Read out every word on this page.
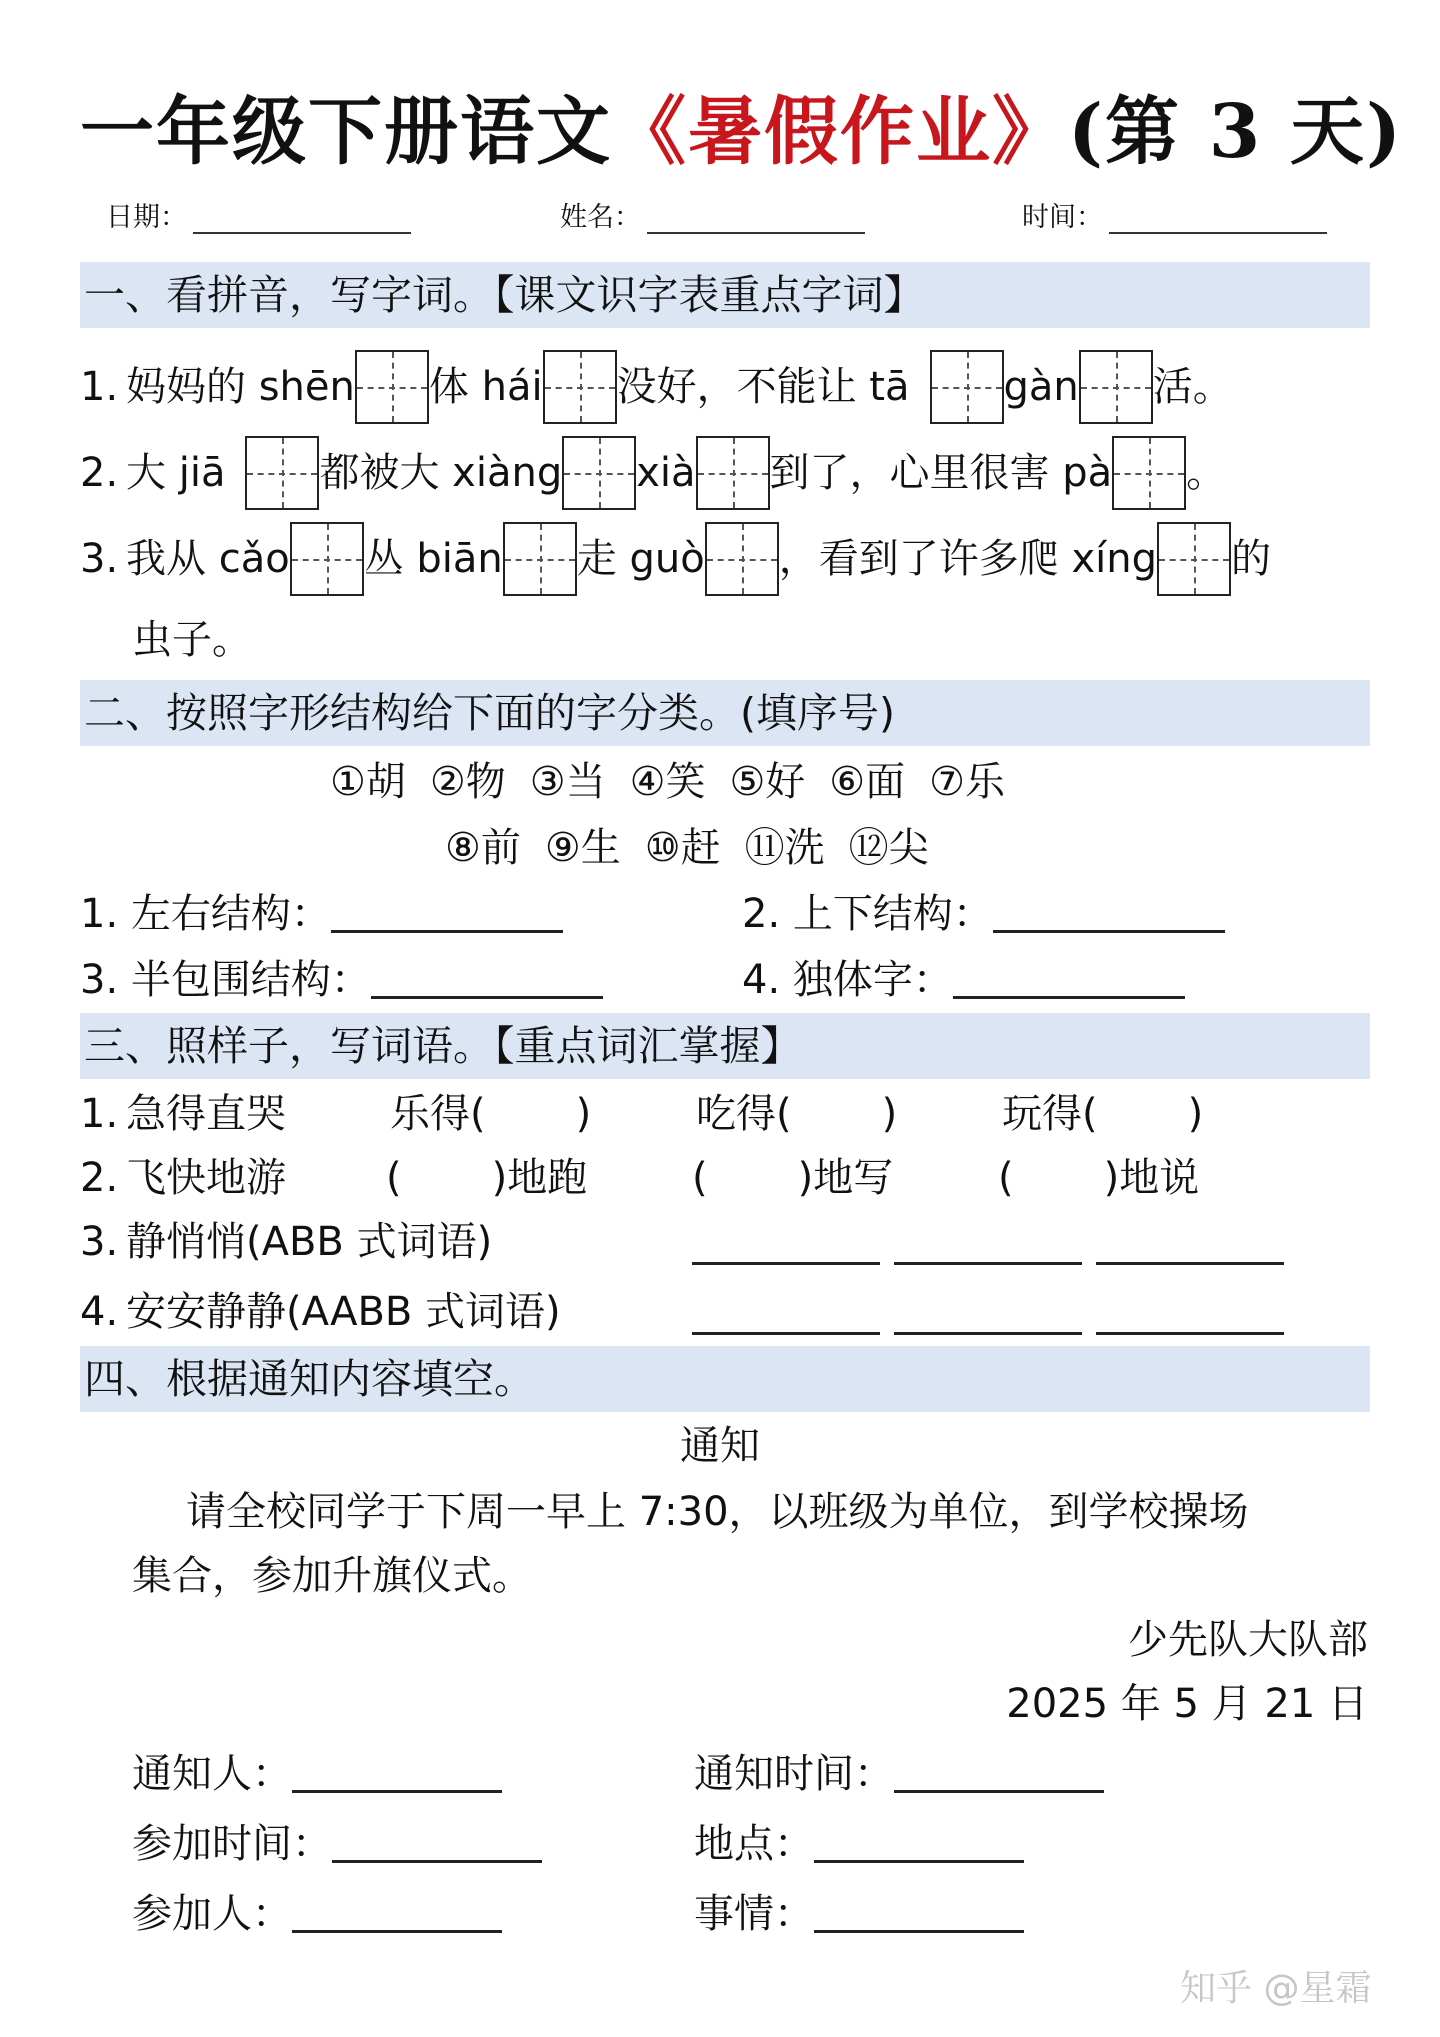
一年级下册语文《暑假作业》(第 3 天)
日期：	姓名：	时间：
一、看拼音，写字词。【课文识字表重点字词】
1. 妈妈的 shēn 体 hái 没好，不能让 tā gàn 活。
2. 大 jiā 都被大 xiàng xià 到了，心里很害 pà 。
3. 我从 cǎo 丛 biān 走 guò ，看到了许多爬 xíng 的
虫子。
二、按照字形结构给下面的字分类。(填序号)
①胡 ②物 ③当 ④笑 ⑤好 ⑥面 ⑦乐
⑧前 ⑨生 ⑩赶 ⑪洗 ⑫尖
1. 左右结构：	2. 上下结构：
3. 半包围结构：	4. 独体字：
三、照样子，写词语。【重点词汇掌握】
1. 急得直哭	乐得( )	吃得( )	玩得( )
2. 飞快地游	( )地跑	( )地写	( )地说
3. 静悄悄(ABB 式词语)
4. 安安静静(AABB 式词语)
四、根据通知内容填空。
通知
请全校同学于下周一早上 7:30，以班级为单位，到学校操场
集合，参加升旗仪式。
少先队大队部
2025 年 5 月 21 日
通知人：	通知时间：
参加时间：	地点：
参加人：	事情：
知乎 @星霜
